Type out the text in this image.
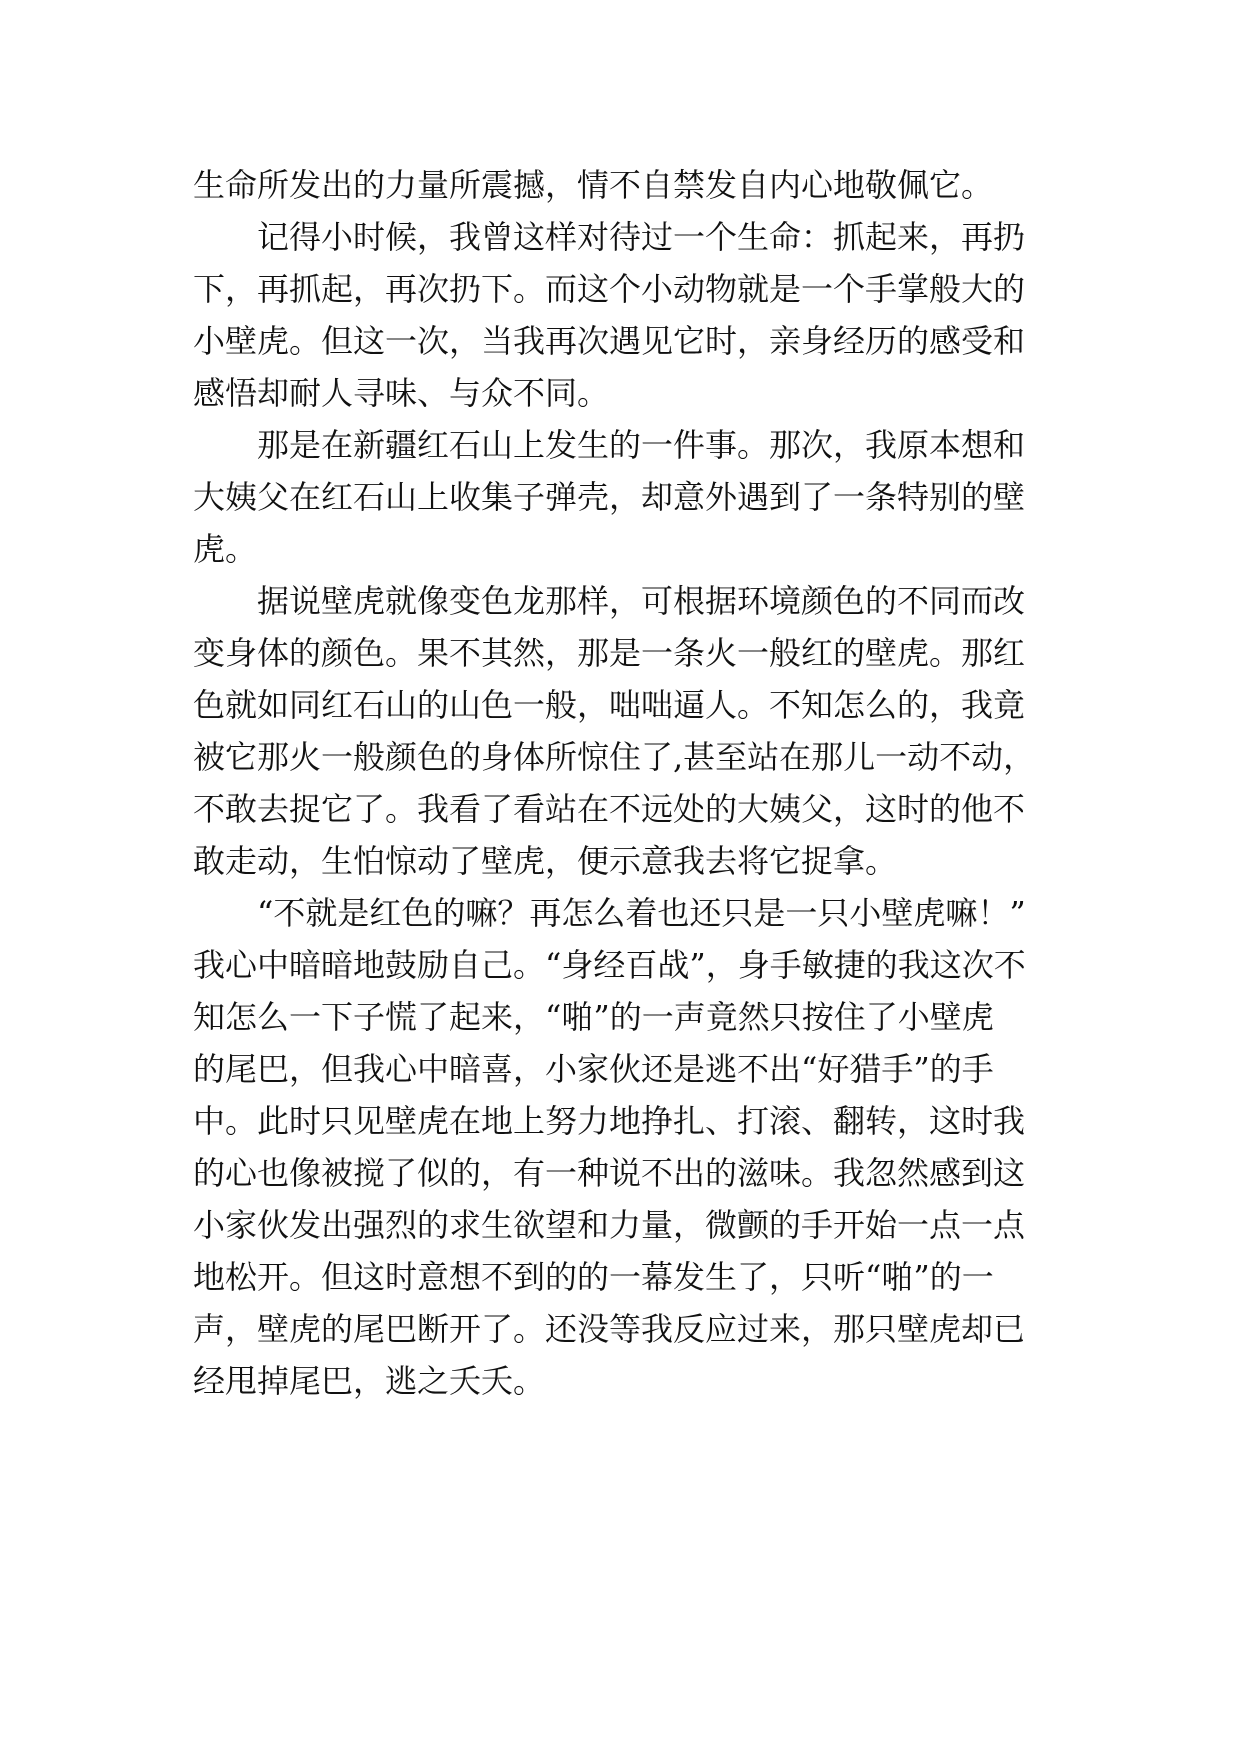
生命所发出的力量所震撼，情不自禁发自内心地敬佩它。
　　记得小时候，我曾这样对待过一个生命：抓起来，再扔
下，再抓起，再次扔下。而这个小动物就是一个手掌般大的
小壁虎。但这一次，当我再次遇见它时，亲身经历的感受和
感悟却耐人寻味、与众不同。
　　那是在新疆红石山上发生的一件事。那次，我原本想和
大姨父在红石山上收集子弹壳，却意外遇到了一条特别的壁
虎。
　　据说壁虎就像变色龙那样，可根据环境颜色的不同而改
变身体的颜色。果不其然，那是一条火一般红的壁虎。那红
色就如同红石山的山色一般，咄咄逼人。不知怎么的，我竟
被它那火一般颜色的身体所惊住了,甚至站在那儿一动不动，
不敢去捉它了。我看了看站在不远处的大姨父，这时的他不
敢走动，生怕惊动了壁虎，便示意我去将它捉拿。
　　“不就是红色的嘛？再怎么着也还只是一只小壁虎嘛！”
我心中暗暗地鼓励自己。“身经百战”，身手敏捷的我这次不
知怎么一下子慌了起来，“啪”的一声竟然只按住了小壁虎
的尾巴，但我心中暗喜，小家伙还是逃不出“好猎手”的手
中。此时只见壁虎在地上努力地挣扎、打滚、翻转，这时我
的心也像被搅了似的，有一种说不出的滋味。我忽然感到这
小家伙发出强烈的求生欲望和力量，微颤的手开始一点一点
地松开。但这时意想不到的的一幕发生了，只听“啪”的一
声，壁虎的尾巴断开了。还没等我反应过来，那只壁虎却已
经甩掉尾巴，逃之夭夭。
